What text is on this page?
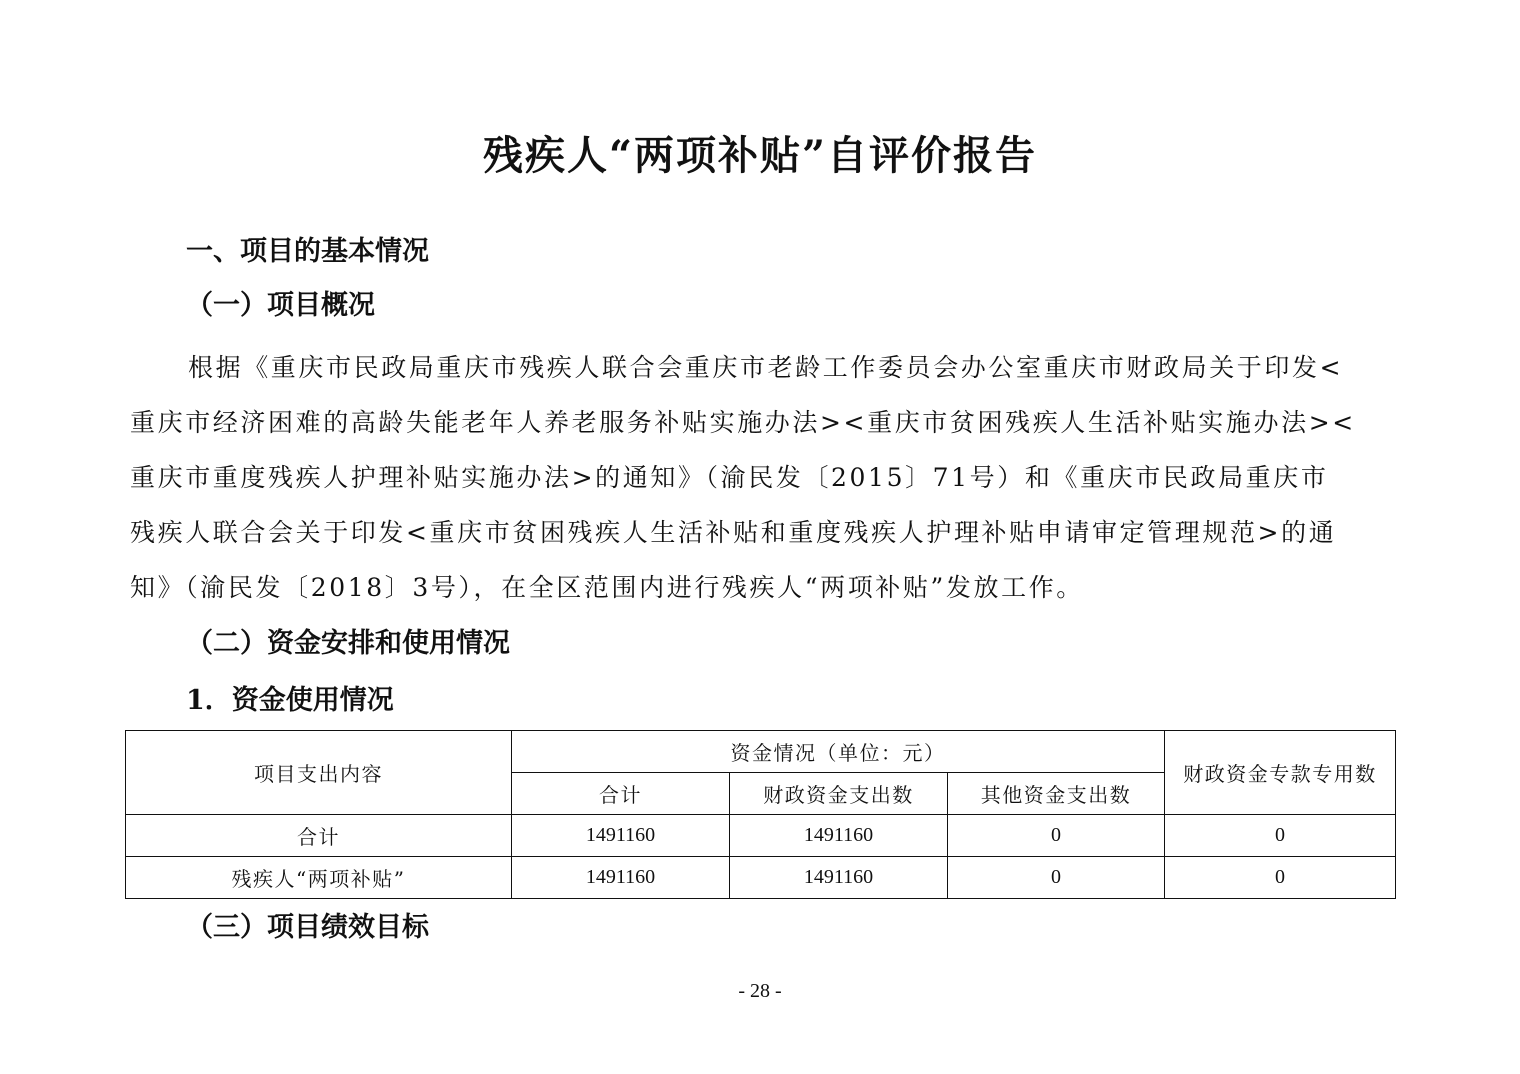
残疾人“两项补贴”自评价报告
一、项目的基本情况
（一）项目概况

根据《重庆市民政局重庆市残疾人联合会重庆市老龄工作委员会办公室重庆市财政局关于印发<
重庆市经济困难的高龄失能老年人养老服务补贴实施办法><重庆市贫困残疾人生活补贴实施办法><
重庆市重度残疾人护理补贴实施办法>的通知》（渝民发〔2015〕71号）和《重庆市民政局重庆市
残疾人联合会关于印发<重庆市贫困残疾人生活补贴和重度残疾人护理补贴申请审定管理规范>的通
知》（渝民发〔2018〕3号），在全区范围内进行残疾人“两项补贴”发放工作。

（二）资金安排和使用情况
1．资金使用情况
项目支出内容	资金情况（单位：元）			财政资金专款专用数
	合计	财政资金支出数	其他资金支出数	
合计	1491160	1491160	0	0
残疾人“两项补贴”	1491160	1491160	0	0
（三）项目绩效目标
- 28 -
